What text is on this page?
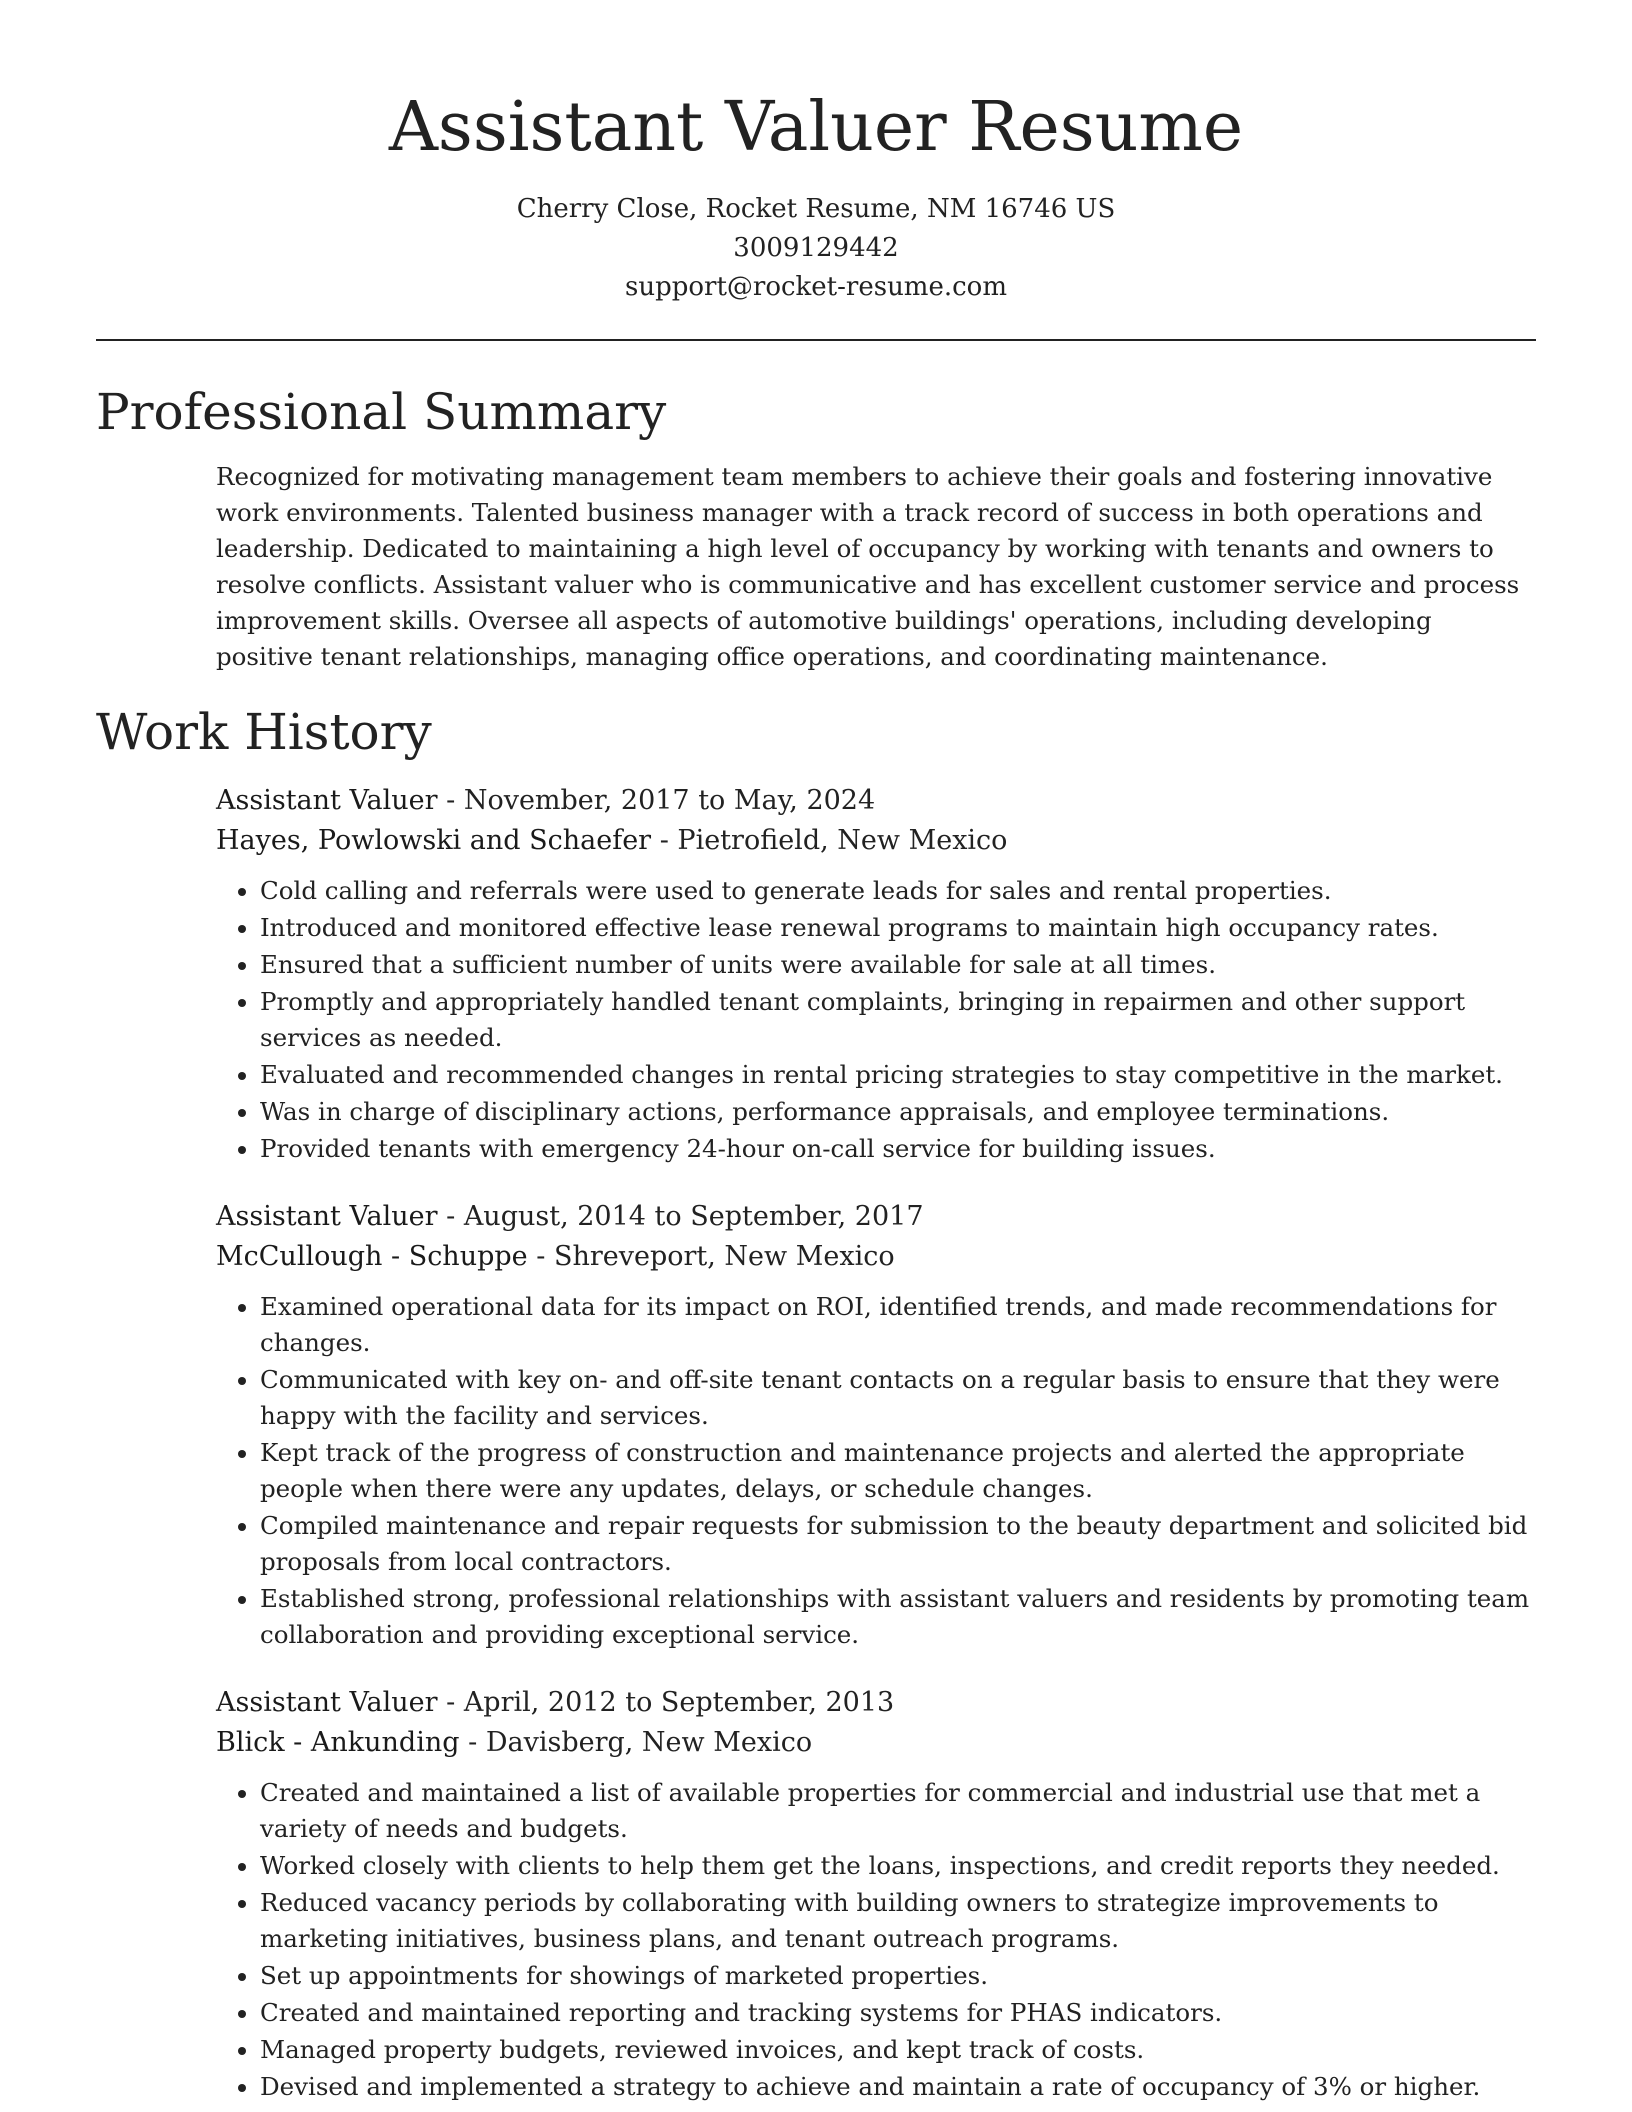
Assistant Valuer Resume
Cherry Close, Rocket Resume, NM 16746 US
3009129442
support@rocket-resume.com
Professional Summary

Recognized for motivating management team members to achieve their goals and fostering innovative work environments. Talented business manager with a track record of success in both operations and leadership. Dedicated to maintaining a high level of occupancy by working with tenants and owners to resolve conflicts. Assistant valuer who is communicative and has excellent customer service and process improvement skills. Oversee all aspects of automotive buildings' operations, including developing positive tenant relationships, managing office operations, and coordinating maintenance.

Work History
Assistant Valuer - November, 2017 to May, 2024
Hayes, Powlowski and Schaefer - Pietrofield, New Mexico
• Cold calling and referrals were used to generate leads for sales and rental properties.
• Introduced and monitored effective lease renewal programs to maintain high occupancy rates.
• Ensured that a sufficient number of units were available for sale at all times.
• Promptly and appropriately handled tenant complaints, bringing in repairmen and other support services as needed.
• Evaluated and recommended changes in rental pricing strategies to stay competitive in the market.
• Was in charge of disciplinary actions, performance appraisals, and employee terminations.
• Provided tenants with emergency 24-hour on-call service for building issues.
Assistant Valuer - August, 2014 to September, 2017
McCullough - Schuppe - Shreveport, New Mexico
• Examined operational data for its impact on ROI, identified trends, and made recommendations for changes.
• Communicated with key on- and off-site tenant contacts on a regular basis to ensure that they were happy with the facility and services.
• Kept track of the progress of construction and maintenance projects and alerted the appropriate people when there were any updates, delays, or schedule changes.
• Compiled maintenance and repair requests for submission to the beauty department and solicited bid proposals from local contractors.
• Established strong, professional relationships with assistant valuers and residents by promoting team collaboration and providing exceptional service.
Assistant Valuer - April, 2012 to September, 2013
Blick - Ankunding - Davisberg, New Mexico
• Created and maintained a list of available properties for commercial and industrial use that met a variety of needs and budgets.
• Worked closely with clients to help them get the loans, inspections, and credit reports they needed.
• Reduced vacancy periods by collaborating with building owners to strategize improvements to marketing initiatives, business plans, and tenant outreach programs.
• Set up appointments for showings of marketed properties.
• Created and maintained reporting and tracking systems for PHAS indicators.
• Managed property budgets, reviewed invoices, and kept track of costs.
• Devised and implemented a strategy to achieve and maintain a rate of occupancy of 3% or higher.
